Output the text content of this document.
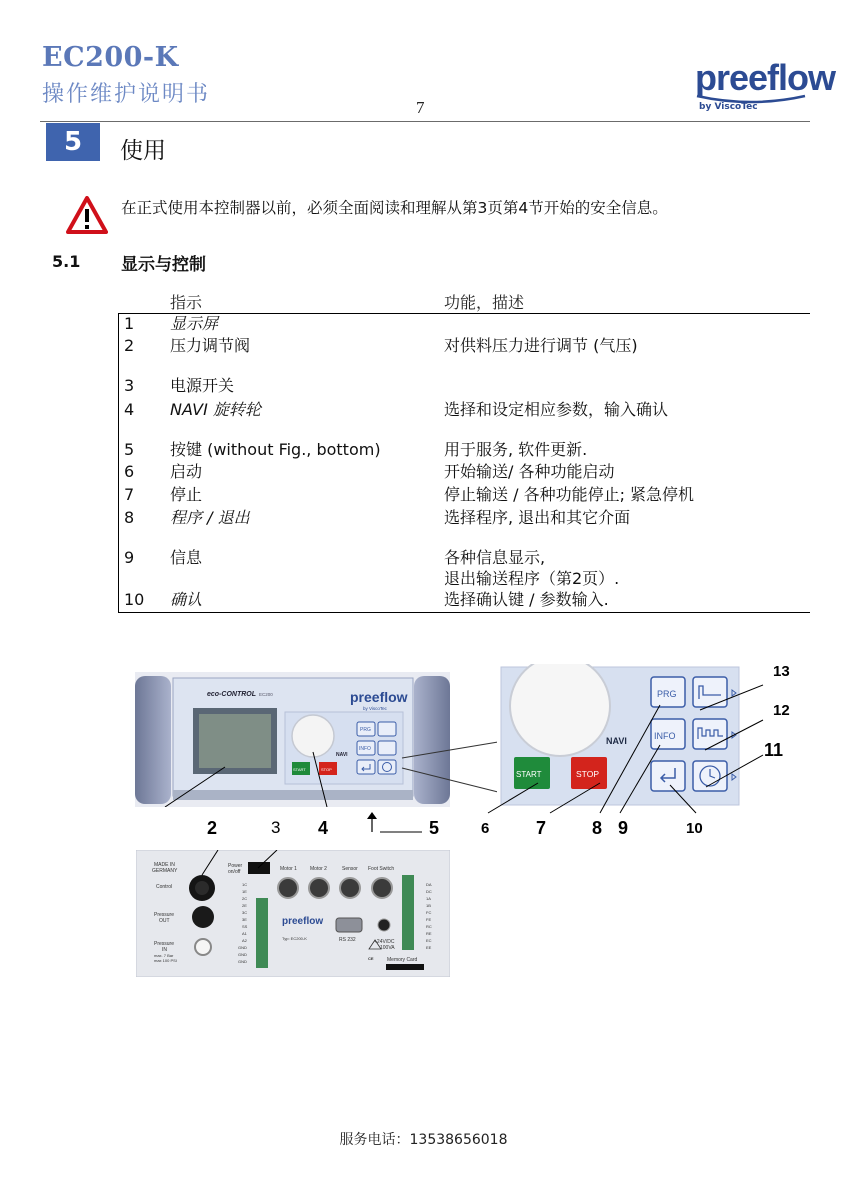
EC200-K
操作维护说明书
7
preeflow
by ViscoTec
5	使用
在正式使用本控制器以前，必须全面阅读和理解从第3页第4节开始的安全信息。
5.1 显示与控制
指示	功能，描述
1 显示屏
2 压力调节阀	对供料压力进行调节 (气压)
3 电源开关
4 NAVI 旋转轮	选择和设定相应参数，输入确认
5 按键 (without Fig., bottom)	用于服务, 软件更新.
6 启动	开始输送/ 各种功能启动
7 停止	停止输送 / 各种功能停止; 紧急停机
8 程序 / 退出	选择程序, 退出和其它介面
9 信息	各种信息显示,
退出输送程序（第2页）.
10 确认	选择确认键 / 参数输入.
eco-CONTROL EC200	preeflow
by ViscoTec
NAVI
PRG
INFO
START	STOP
NAVI
PRG
INFO
START	STOP
2	3 4	5	6	7	8 9	10
11
12
13
MADE IN
GERMANY
Control
Pressure
OUT
Pressure
IN
max. 7 Bar
max 100 PSI
Power
on/off
1C
1E
2C
2E
3C
3E
SS
A1
A2
GND
GND
GND
Motor 1	Motor 2	Sensor Foot Switch
preeflow
Typ: EC200-K	RS 232	+24V/DC
100VA
CE
DA
DC
1A
1B
FC
FE
RC
RE
EC
EE
Memory Card
服务电话：13538656018
